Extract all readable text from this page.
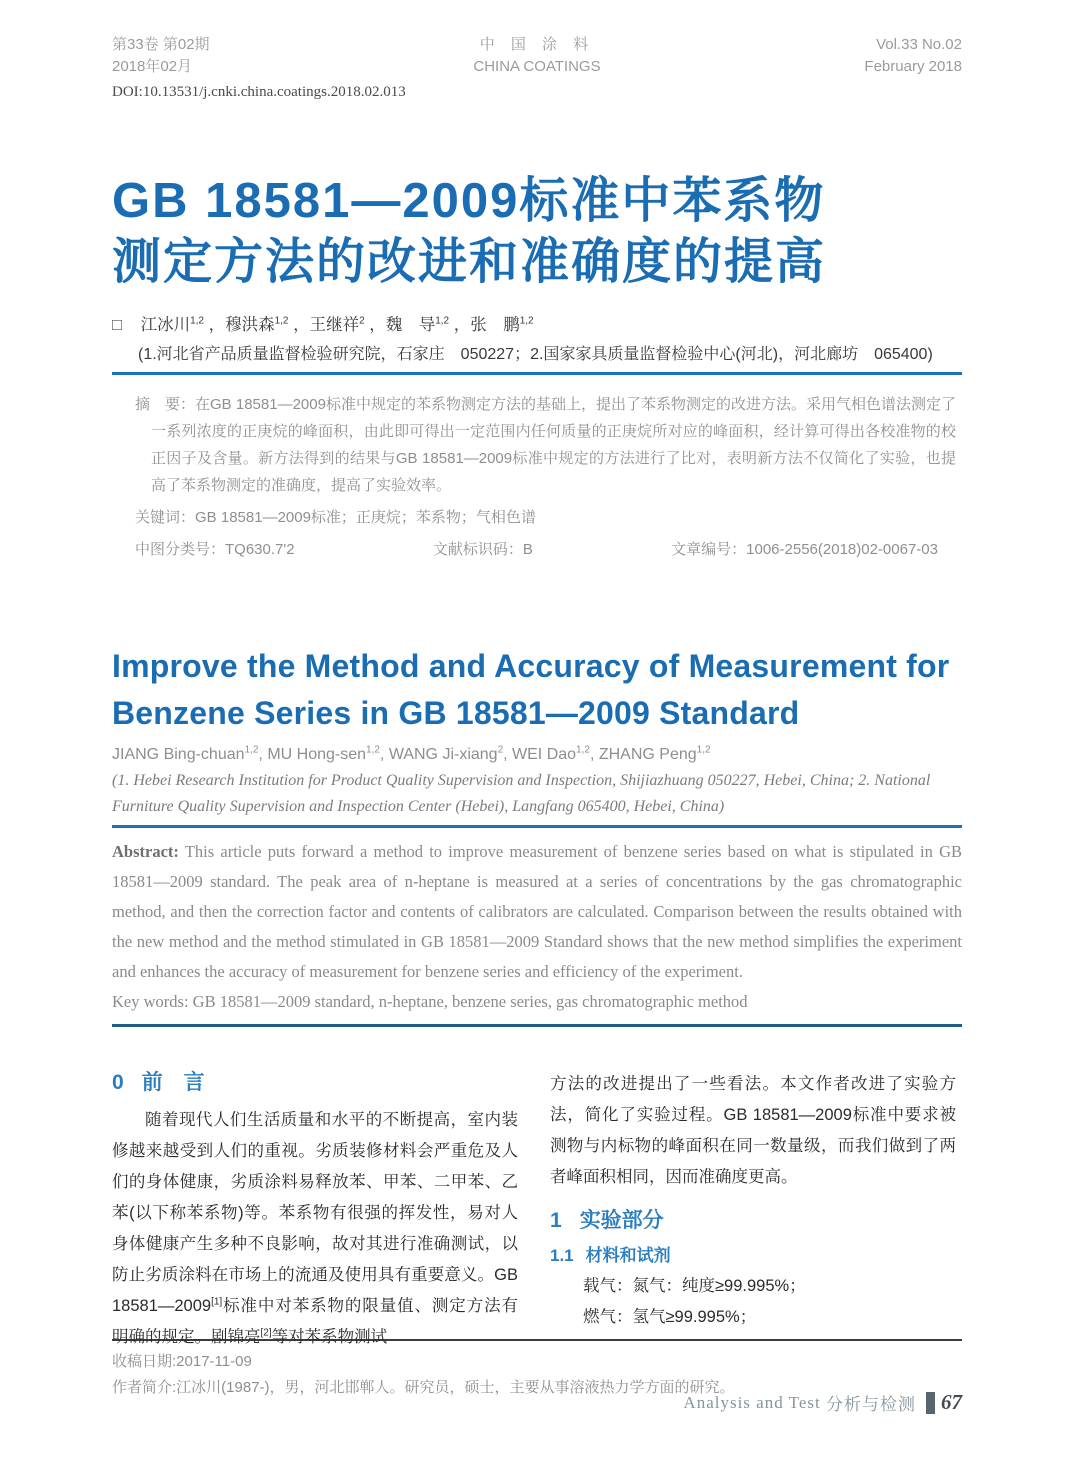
第33卷 第02期
2018年02月
中 国 涂 料
CHINA COATINGS
Vol.33 No.02
February 2018
DOI:10.13531/j.cnki.china.coatings.2018.02.013
GB 18581—2009标准中苯系物
测定方法的改进和准确度的提高
□ 江冰川$^{1,2}$ ，穆洪森$^{1,2}$ ，王继祥$^2$ ，魏　导$^{1,2}$ ，张　鹏$^{1,2}$
(1.河北省产品质量监督检验研究院，石家庄　050227；2.国家家具质量监督检验中心(河北)，河北廊坊　065400)

摘　要：在GB 18581—2009标准中规定的苯系物测定方法的基础上，提出了苯系物测定的改进方法。采用气相色谱法测定了一系列浓度的正庚烷的峰面积，由此即可得出一定范围内任何质量的正庚烷所对应的峰面积，经计算可得出各校准物的校正因子及含量。新方法得到的结果与GB 18581—2009标准中规定的方法进行了比对，表明新方法不仅简化了实验，也提高了苯系物测定的准确度，提高了实验效率。

关键词：GB 18581—2009标准；正庚烷；苯系物；气相色谱
中图分类号：TQ630.7'2	文献标识码：B	文章编号：1006-2556(2018)02-0067-03
Improve the Method and Accuracy of Measurement for
Benzene Series in GB 18581—2009 Standard
JIANG Bing-chuan$^{1,2}$, MU Hong-sen$^{1,2}$, WANG Ji-xiang$^2$, WEI Dao$^{1,2}$, ZHANG Peng$^{1,2}$
(1. Hebei Research Institution for Product Quality Supervision and Inspection, Shijiazhuang 050227, Hebei, China; 2. National Furniture Quality Supervision and Inspection Center (Hebei), Langfang 065400, Hebei, China)
Abstract: This article puts forward a method to improve measurement of benzene series based on what is stipulated in GB 18581—2009 standard. The peak area of n-heptane is measured at a series of concentrations by the gas chromatographic method, and then the correction factor and contents of calibrators are calculated. Comparison between the results obtained with the new method and the method stimulated in GB 18581—2009 Standard shows that the new method simplifies the experiment and enhances the accuracy of measurement for benzene series and efficiency of the experiment.
Key words: GB 18581—2009 standard, n-heptane, benzene series, gas chromatographic method

0 前　言

随着现代人们生活质量和水平的不断提高，室内装修越来越受到人们的重视。劣质装修材料会严重危及人们的身体健康，劣质涂料易释放苯、甲苯、二甲苯、乙苯(以下称苯系物)等。苯系物有很强的挥发性，易对人身体健康产生多种不良影响，故对其进行准确测试，以防止劣质涂料在市场上的流通及使用具有重要意义。GB 18581—2009[1]标准中对苯系物的限量值、测定方法有明确的规定。剧锦亮[2]等对苯系物测试

方法的改进提出了一些看法。本文作者改进了实验方法，简化了实验过程。GB 18581—2009标准中要求被测物与内标物的峰面积在同一数量级，而我们做到了两者峰面积相同，因而准确度更高。

1 实验部分

1.1 材料和试剂

载气：氮气：纯度≥99.995%；

燃气：氢气≥99.995%；

收稿日期:2017-11-09
作者简介:江冰川(1987-)，男，河北邯郸人。研究员，硕士，主要从事溶液热力学方面的研究。
Analysis and Test
分析与检测 67
